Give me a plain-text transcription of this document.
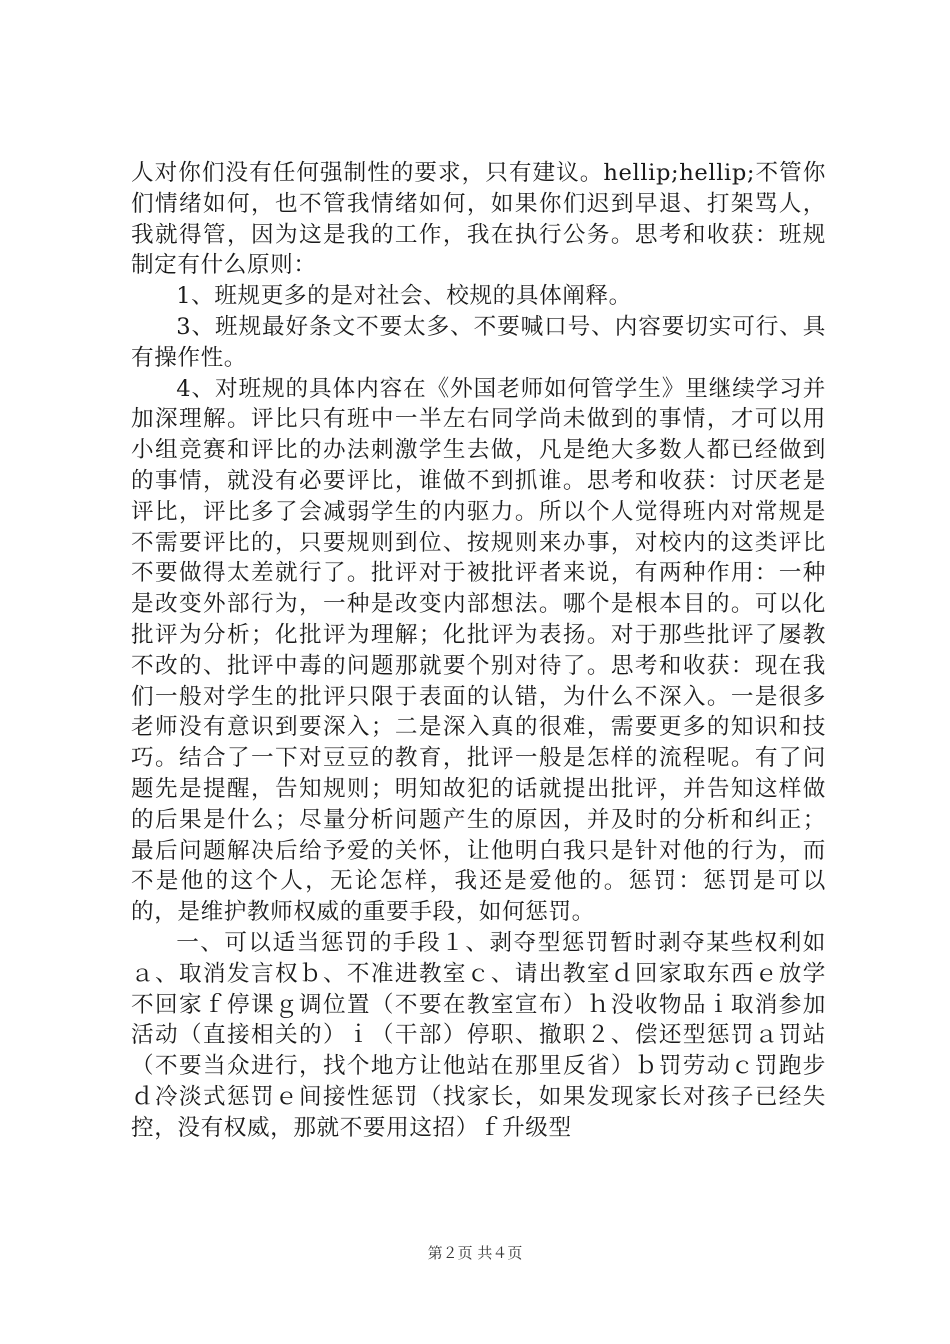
人对你们没有任何强制性的要求，只有建议。hellip;hellip;不管你们情绪如何，也不管我情绪如何，如果你们迟到早退、打架骂人，我就得管，因为这是我的工作，我在执行公务。思考和收获：班规制定有什么原则：

1、班规更多的是对社会、校规的具体阐释。

3、班规最好条文不要太多、不要喊口号、内容要切实可行、具有操作性。

4、对班规的具体内容在《外国老师如何管学生》里继续学习并加深理解。评比只有班中一半左右同学尚未做到的事情，才可以用小组竞赛和评比的办法刺激学生去做，凡是绝大多数人都已经做到的事情，就没有必要评比，谁做不到抓谁。思考和收获：讨厌老是评比，评比多了会减弱学生的内驱力。所以个人觉得班内对常规是不需要评比的，只要规则到位、按规则来办事，对校内的这类评比不要做得太差就行了。批评对于被批评者来说，有两种作用：一种是改变外部行为，一种是改变内部想法。哪个是根本目的。可以化批评为分析；化批评为理解；化批评为表扬。对于那些批评了屡教不改的、批评中毒的问题那就要个别对待了。思考和收获：现在我们一般对学生的批评只限于表面的认错，为什么不深入。一是很多老师没有意识到要深入；二是深入真的很难，需要更多的知识和技巧。结合了一下对豆豆的教育，批评一般是怎样的流程呢。有了问题先是提醒，告知规则；明知故犯的话就提出批评，并告知这样做的后果是什么；尽量分析问题产生的原因，并及时的分析和纠正；最后问题解决后给予爱的关怀，让他明白我只是针对他的行为，而不是他的这个人，无论怎样，我还是爱他的。惩罚：惩罚是可以的，是维护教师权威的重要手段，如何惩罚。

一、可以适当惩罚的手段１、剥夺型惩罚暂时剥夺某些权利如ａ、取消发言权ｂ、不准进教室ｃ、请出教室ｄ回家取东西ｅ放学不回家ｆ停课ｇ调位置（不要在教室宣布）ｈ没收物品ｉ取消参加活动（直接相关的）ｉ（干部）停职、撤职２、偿还型惩罚ａ罚站（不要当众进行，找个地方让他站在那里反省）ｂ罚劳动ｃ罚跑步ｄ冷淡式惩罚ｅ间接性惩罚（找家长，如果发现家长对孩子已经失控，没有权威，那就不要用这招）ｆ升级型

第２页 共４页
